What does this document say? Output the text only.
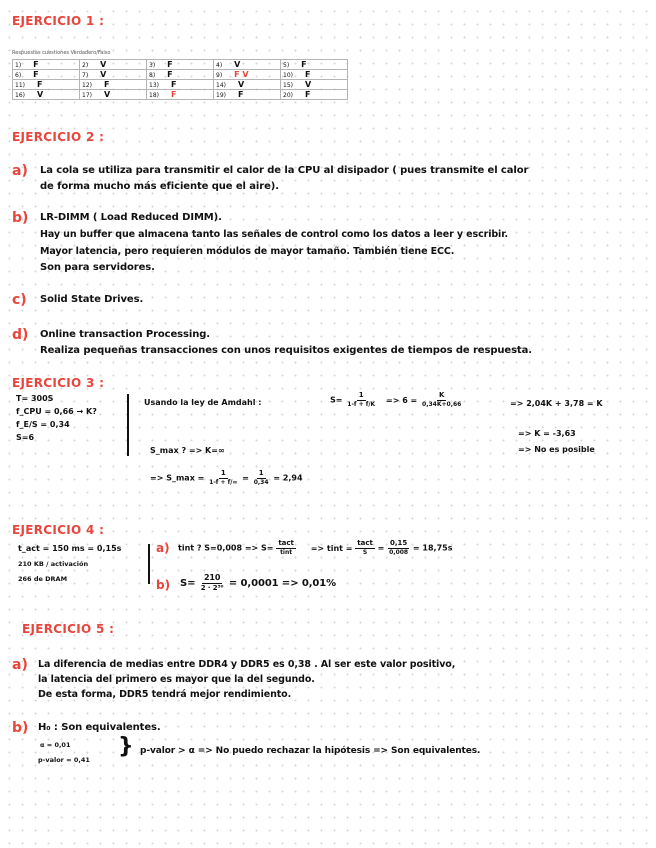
EJERCICIO 1 :
Respuestas cuestiones Verdadero/Falso
1) F	2) V	3) F	4) V	5) F
6) F	7) V	8) F	9) F V	10) F
11) F	12) F	13) F	14) V	15) V
16) V	17) V	18) F	19) F	20) F
EJERCICIO 2 :
a) La cola se utiliza para transmitir el calor de la CPU al disipador ( pues transmite el calor
de forma mucho más eficiente que el aire).
b) LR-DIMM ( Load Reduced DIMM).
Hay un buffer que almacena tanto las señales de control como los datos a leer y escribir.
Mayor latencia, pero requieren módulos de mayor tamaño. También tiene ECC.
Son para servidores.
c) Solid State Drives.
d) Online transaction Processing.
Realiza pequeñas transacciones con unos requisitos exigentes de tiempos de respuesta.
EJERCICIO 3 :
T= 300S
f_CPU = 0,66 → K?
f_E/S = 0,34
S=6
Usando la ley de Amdahl :	$S= \frac{1}{1-f + f/K} => 6 = \frac{K}{0,34K+0,66}$	=> 2,04K + 3,78 = K
=> K = -3,63
=> No es posible
S_max ? => K=∞
=> S_max = $\frac{1}{1-f + f/\infty} = \frac{1}{0,34} = 2,94$
EJERCICIO 4 :
t_act = 150 ms = 0,15s
210 KB / activación
266 de DRAM
a) tint ? $S=0,008 => S= \frac{\text{tact}}{\text{tint}}$ => tint = $\frac{\text{tact}}{S} = \frac{0,15}{0,008} = 18,75s$
b) $S= \frac{210}{\text{2 · 2³⁰}} = 0,0001 => 0,01\%$
EJERCICIO 5 :
a) La diferencia de medias entre DDR4 y DDR5 es 0,38 . Al ser este valor positivo,
la latencia del primero es mayor que la del segundo.
De esta forma, DDR5 tendrá mejor rendimiento.
b) H₀ : Son equivalentes.
α = 0,01
p-valor = 0,41
} p-valor > α => No puedo rechazar la hipótesis => Son equivalentes.
